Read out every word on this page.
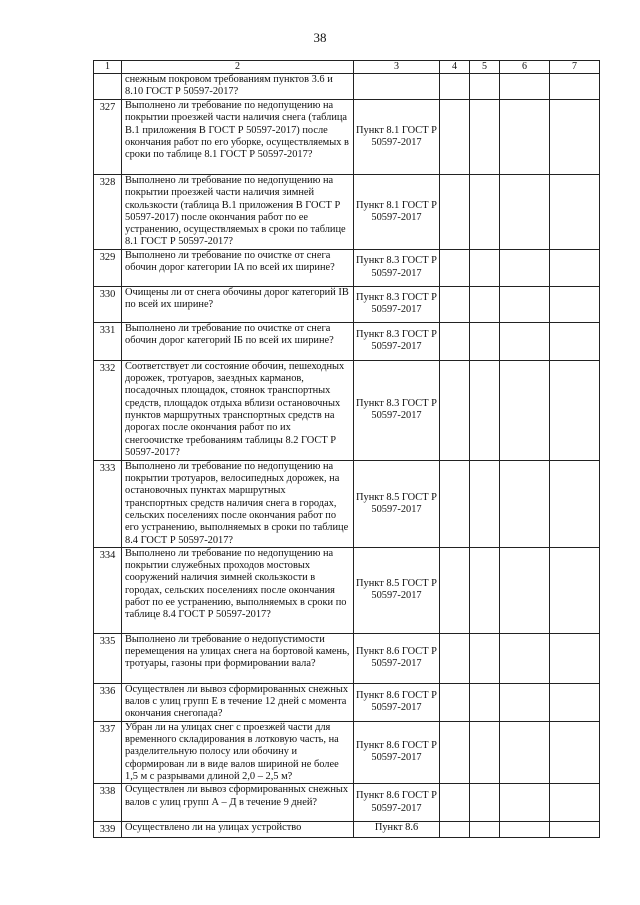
38
1	2	3	4	5	6	7
	снежным покровом требованиям пунктов 3.6 и 8.10 ГОСТ Р 50597-2017?					
327	Выполнено ли требование по недопущению на покрытии проезжей части наличия снега (таблица В.1 приложения В ГОСТ Р 50597-2017) после окончания работ по его уборке, осуществляемых в сроки по таблице 8.1 ГОСТ Р 50597-2017?	Пункт 8.1 ГОСТ Р 50597-2017				
328	Выполнено ли требование по недопущению на покрытии проезжей части наличия зимней скользкости (таблица В.1 приложения В ГОСТ Р 50597-2017) после окончания работ по ее устранению, осуществляемых в сроки по таблице 8.1 ГОСТ Р 50597-2017?	Пункт 8.1 ГОСТ Р 50597-2017				
329	Выполнено ли требование по очистке от снега обочин дорог категории IA по всей их ширине?	Пункт 8.3 ГОСТ Р 50597-2017				
330	Очищены ли от снега обочины дорог категорий IB по всей их ширине?	Пункт 8.3 ГОСТ Р 50597-2017				
331	Выполнено ли требование по очистке от снега обочин дорог категорий IБ по всей их ширине?	Пункт 8.3 ГОСТ Р 50597-2017				
332	Соответствует ли состояние обочин, пешеходных дорожек, тротуаров, заездных карманов, посадочных площадок, стоянок транспортных средств, площадок отдыха вблизи остановочных пунктов маршрутных транспортных средств на дорогах после окончания работ по их снегоочистке требованиям таблицы 8.2 ГОСТ Р 50597-2017?	Пункт 8.3 ГОСТ Р 50597-2017				
333	Выполнено ли требование по недопущению на покрытии тротуаров, велосипедных дорожек, на остановочных пунктах маршрутных транспортных средств наличия снега в городах, сельских поселениях после окончания работ по его устранению, выполняемых в сроки по таблице 8.4 ГОСТ Р 50597-2017?	Пункт 8.5 ГОСТ Р 50597-2017				
334	Выполнено ли требование по недопущению на покрытии служебных проходов мостовых сооружений наличия зимней скользкости в городах, сельских поселениях после окончания работ по ее устранению, выполняемых в сроки по таблице 8.4 ГОСТ Р 50597-2017?	Пункт 8.5 ГОСТ Р 50597-2017				
335	Выполнено ли требование о недопустимости перемещения на улицах снега на бортовой камень, тротуары, газоны при формировании вала?	Пункт 8.6 ГОСТ Р 50597-2017				
336	Осуществлен ли вывоз сформированных снежных валов с улиц групп Е в течение 12 дней с момента окончания снегопада?	Пункт 8.6 ГОСТ Р 50597-2017				
337	Убран ли на улицах снег с проезжей части для временного складирования в лотковую часть, на разделительную полосу или обочину и сформирован ли в виде валов шириной не более 1,5 м с разрывами длиной 2,0 – 2,5 м?	Пункт 8.6 ГОСТ Р 50597-2017				
338	Осуществлен ли вывоз сформированных снежных валов с улиц групп А – Д в течение 9 дней?	Пункт 8.6 ГОСТ Р 50597-2017				
339	Осуществлено ли на улицах устройство	Пункт 8.6				
